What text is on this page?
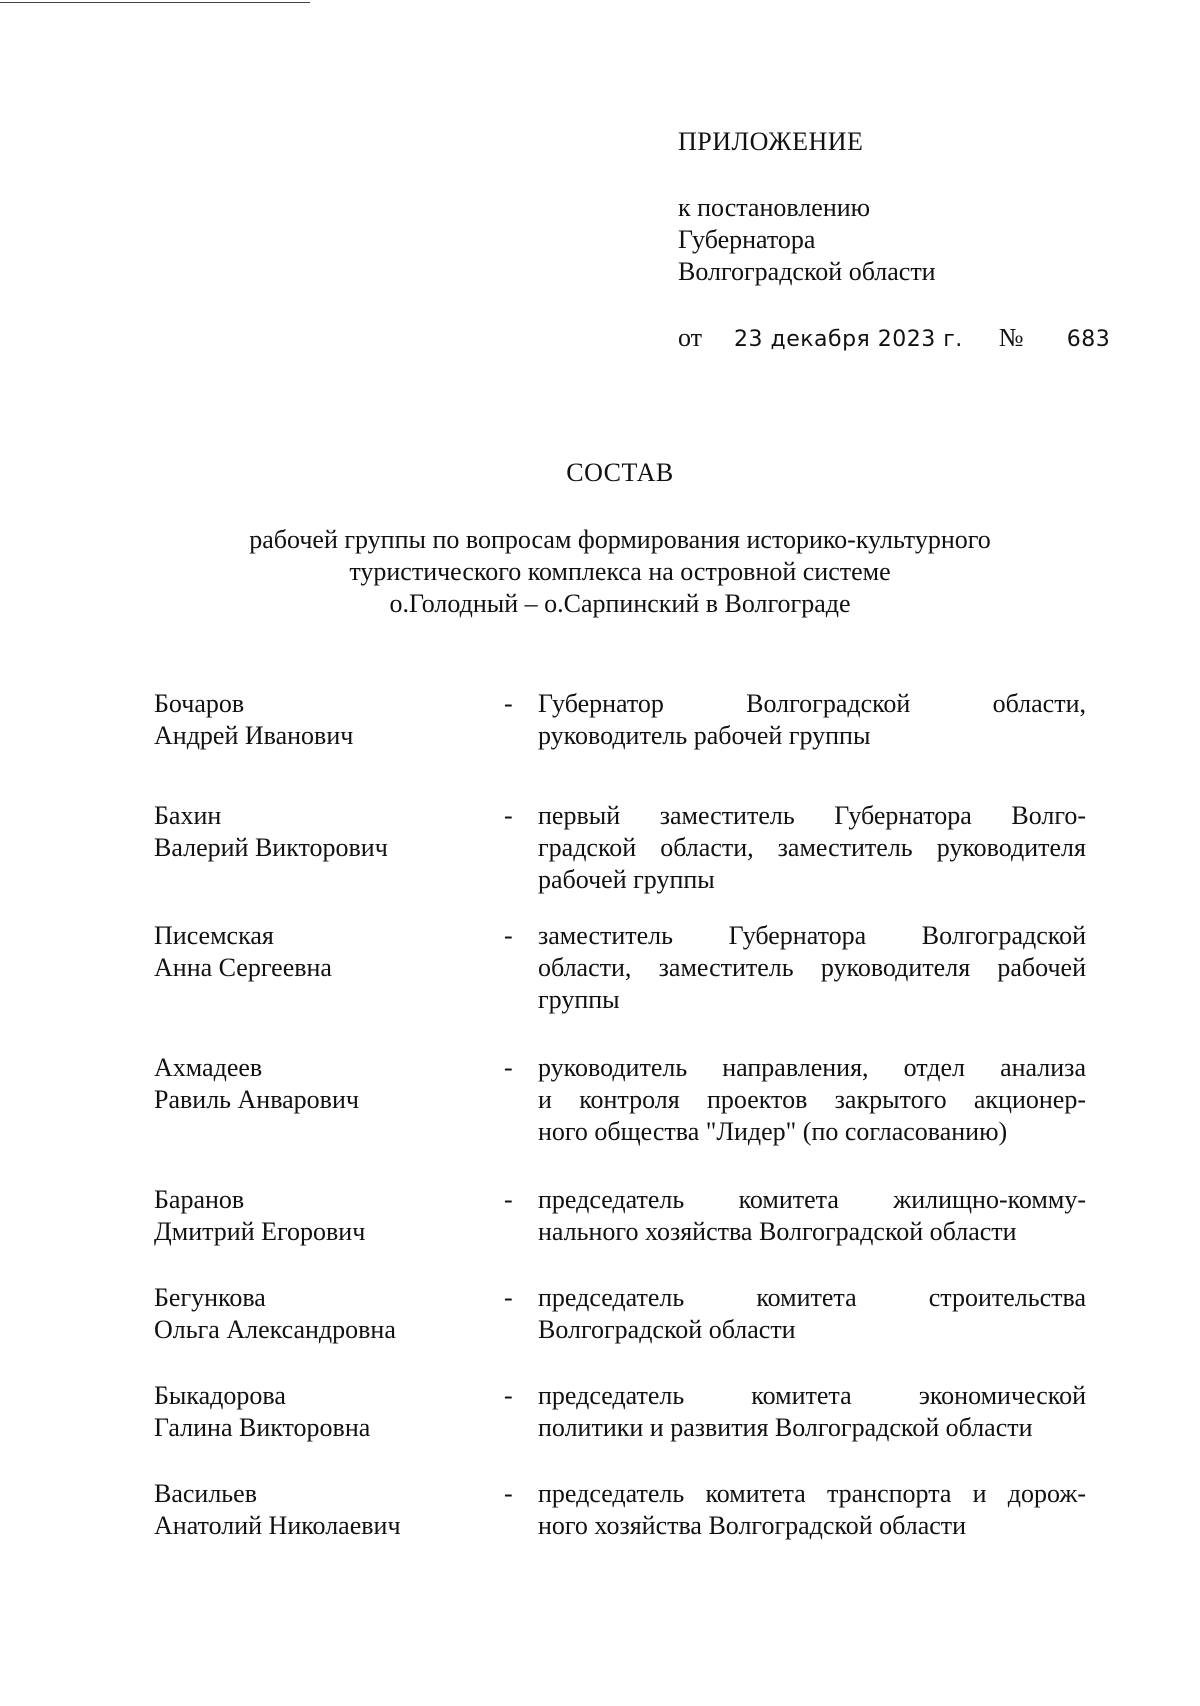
ПРИЛОЖЕНИЕ
к постановлению
Губернатора
Волгоградской области
от 23 декабря 2023 г. № 683
СОСТАВ
рабочей группы по вопросам формирования историко-культурного
туристического комплекса на островной системе
о.Голодный – о.Сарпинский в Волгограде
Бочаров
Андрей Иванович
- Губернатор Волгоградской области,
руководитель рабочей группы
Бахин
Валерий Викторович
- первый заместитель Губернатора Волго-
градской области, заместитель руководителя
рабочей группы
Писемская
Анна Сергеевна
- заместитель Губернатора Волгоградской
области, заместитель руководителя рабочей
группы
Ахмадеев
Равиль Анварович
- руководитель направления, отдел анализа
и контроля проектов закрытого акционер-
ного общества "Лидер" (по согласованию)
Баранов
Дмитрий Егорович
- председатель комитета жилищно-комму-
нального хозяйства Волгоградской области
Бегункова
Ольга Александровна
- председатель комитета строительства
Волгоградской области
Быкадорова
Галина Викторовна
- председатель комитета экономической
политики и развития Волгоградской области
Васильев
Анатолий Николаевич
- председатель комитета транспорта и дорож-
ного хозяйства Волгоградской области
